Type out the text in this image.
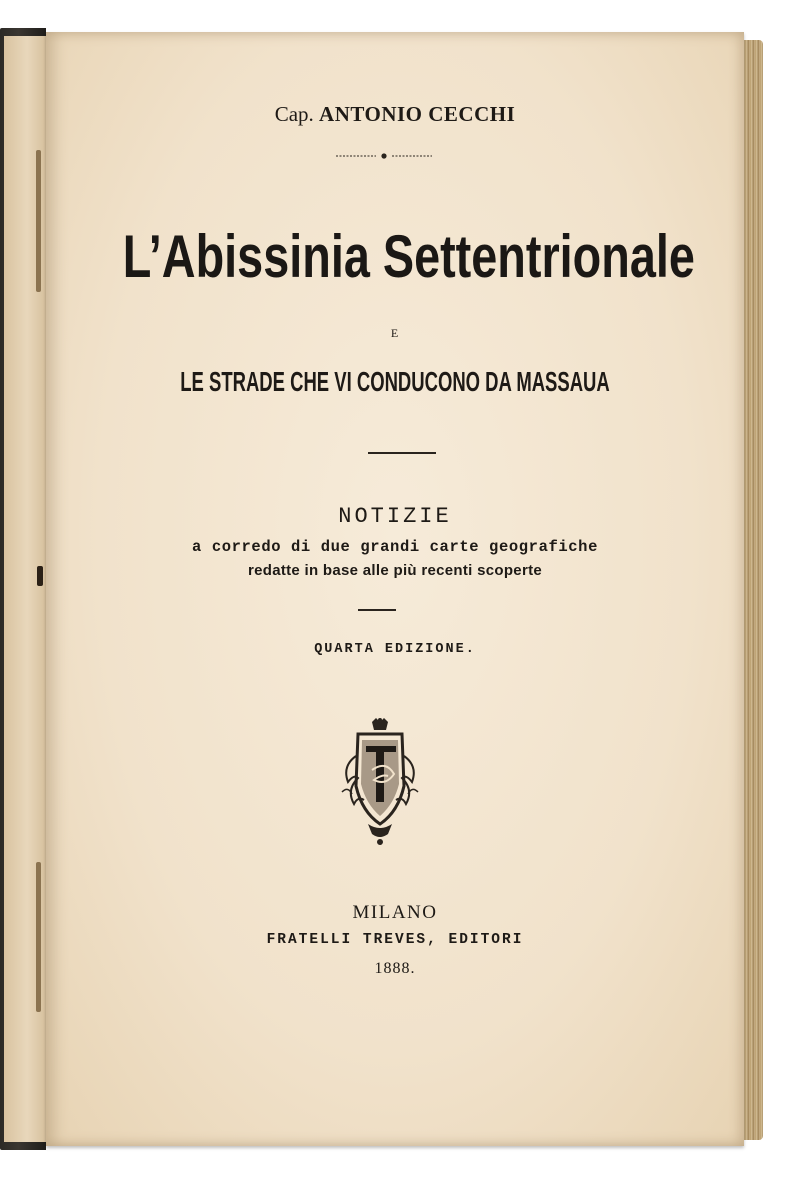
Cap. ANTONIO CECCHI
L’Abissinia Settentrionale
E
LE STRADE CHE VI CONDUCONO DA MASSAUA
NOTIZIE
a corredo di due grandi carte geografiche
redatte in base alle più recenti scoperte
QUARTA EDIZIONE.
MILANO
FRATELLI TREVES, EDITORI
1888.
